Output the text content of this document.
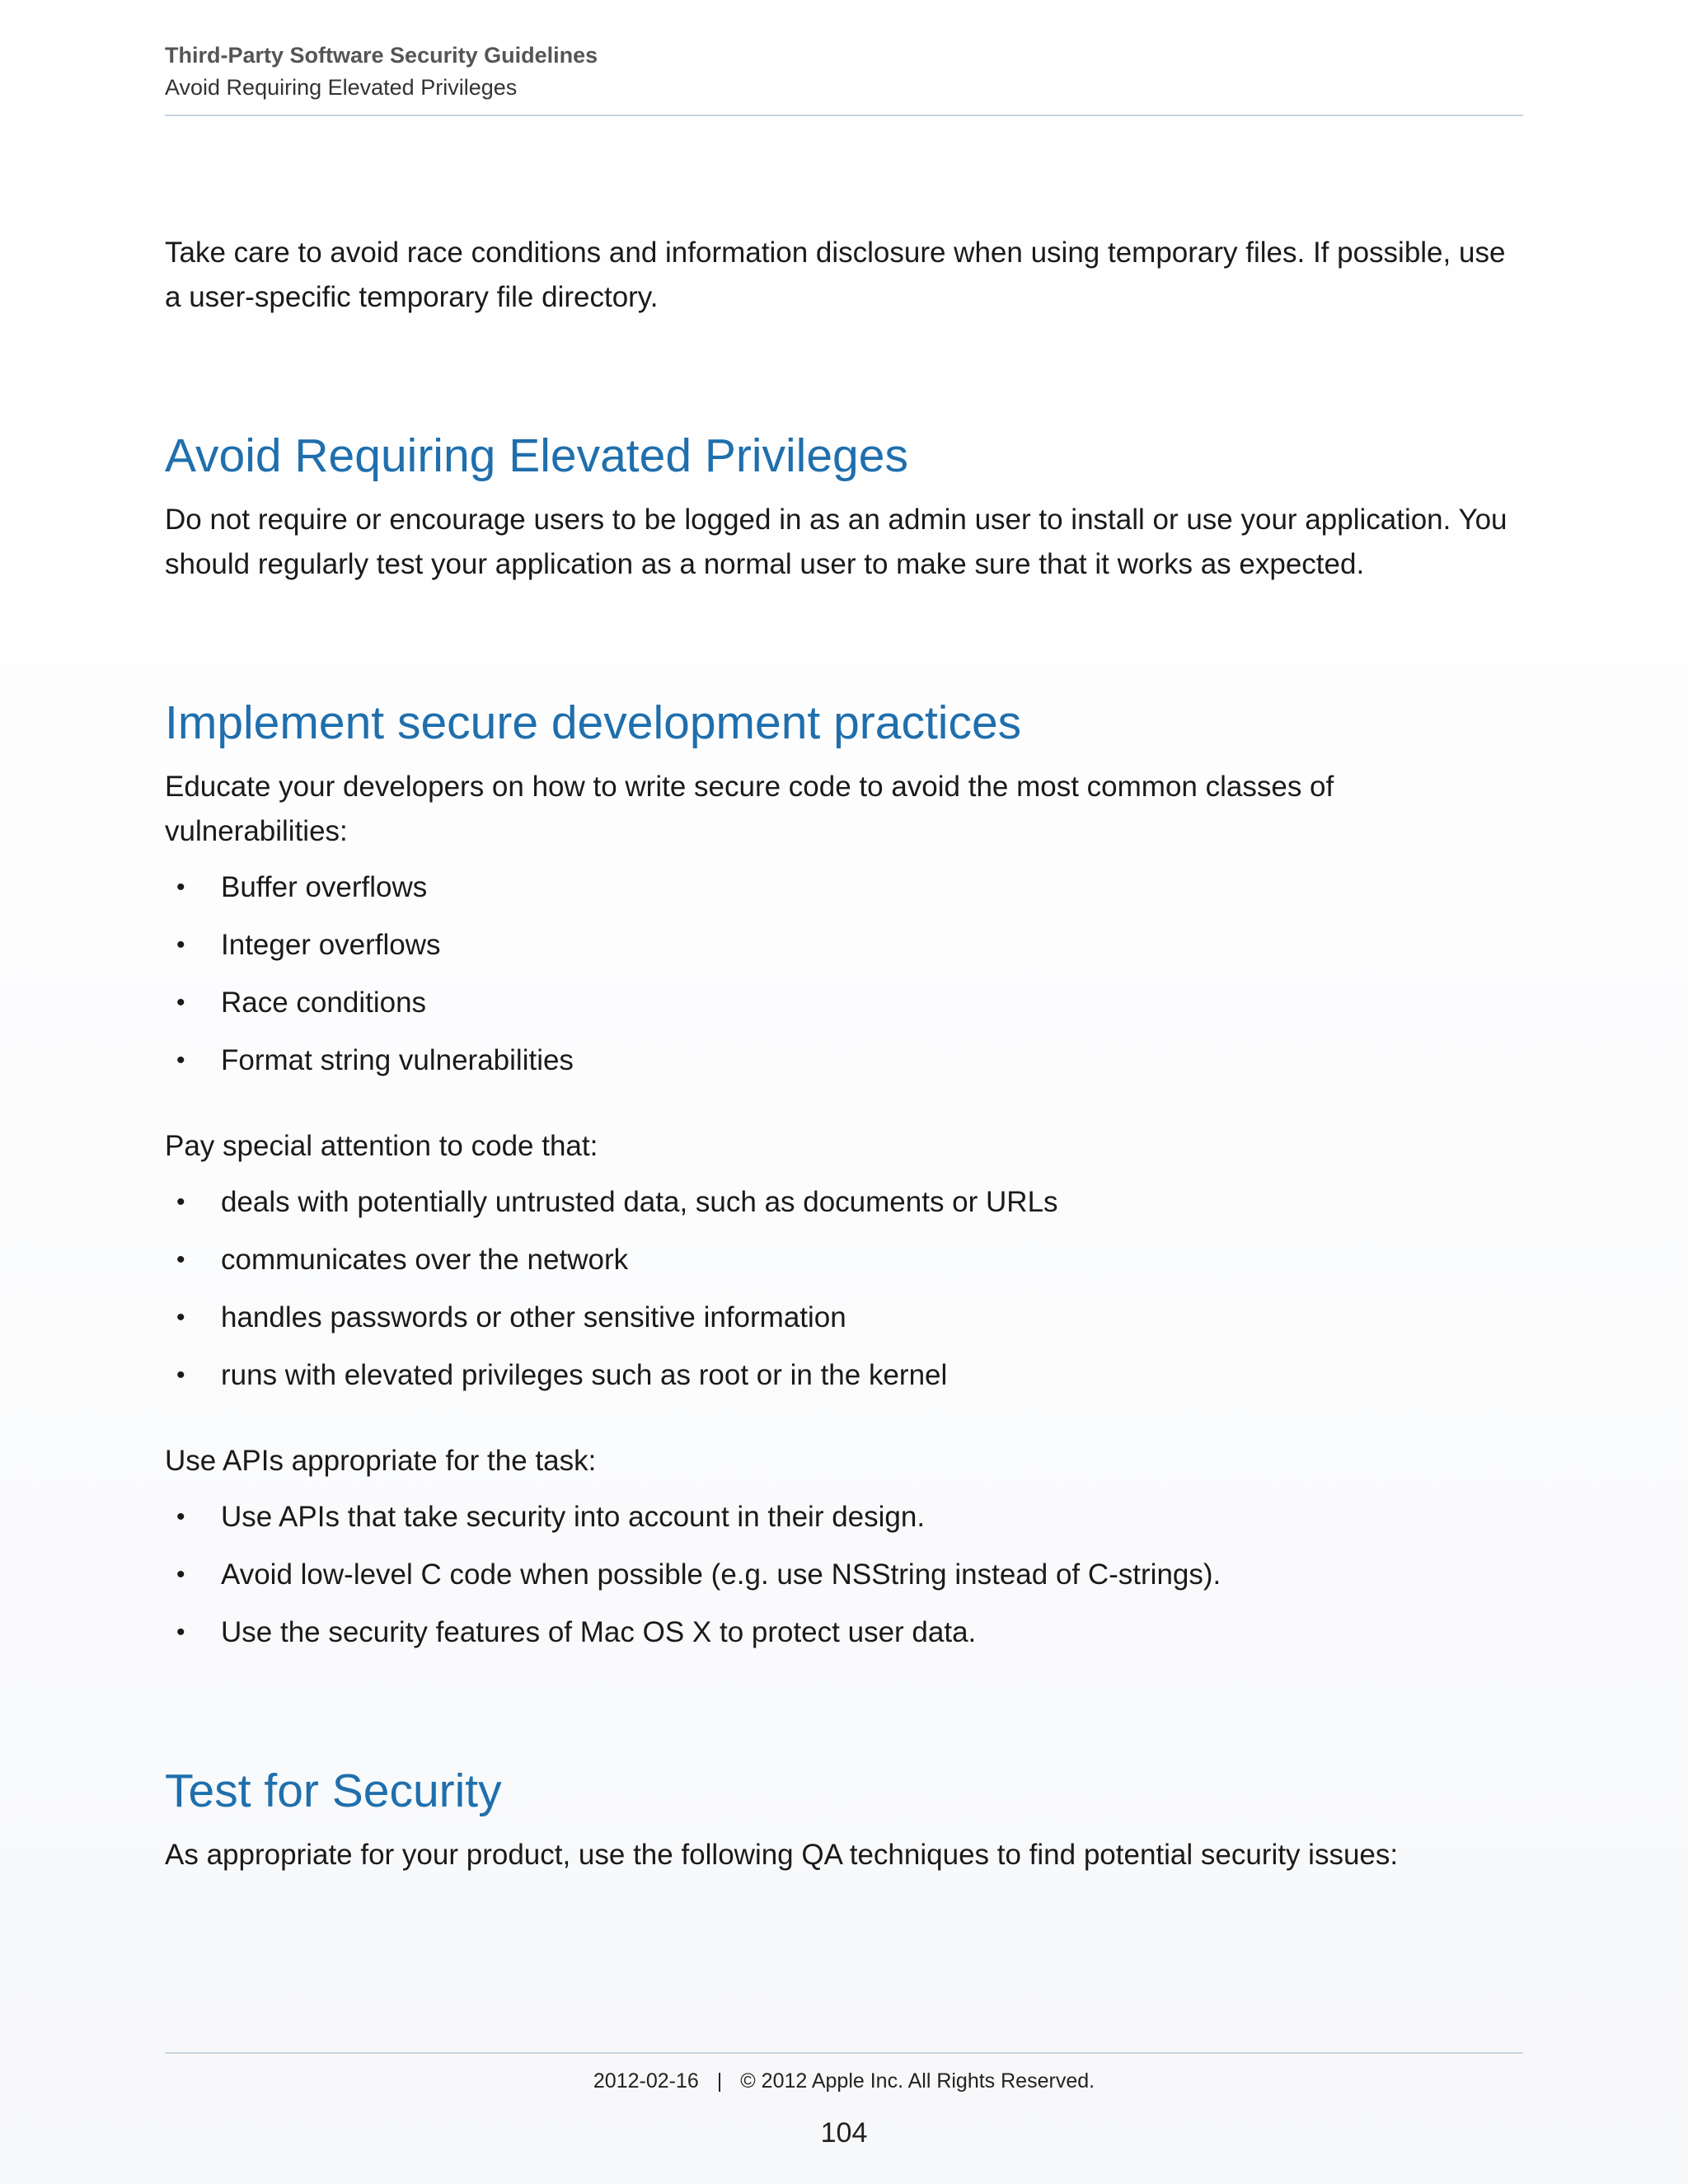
Third-Party Software Security Guidelines
Avoid Requiring Elevated Privileges

Take care to avoid race conditions and information disclosure when using temporary files. If possible, use a user-specific temporary file directory.

Avoid Requiring Elevated Privileges

Do not require or encourage users to be logged in as an admin user to install or use your application. You should regularly test your application as a normal user to make sure that it works as expected.

Implement secure development practices

Educate your developers on how to write secure code to avoid the most common classes of vulnerabilities:

• Buffer overflows
• Integer overflows
• Race conditions
• Format string vulnerabilities

Pay special attention to code that:

• deals with potentially untrusted data, such as documents or URLs
• communicates over the network
• handles passwords or other sensitive information
• runs with elevated privileges such as root or in the kernel

Use APIs appropriate for the task:

• Use APIs that take security into account in their design.
• Avoid low-level C code when possible (e.g. use NSString instead of C-strings).
• Use the security features of Mac OS X to protect user data.
Test for Security

As appropriate for your product, use the following QA techniques to find potential security issues:

2012-02-16 | © 2012 Apple Inc. All Rights Reserved.
104
